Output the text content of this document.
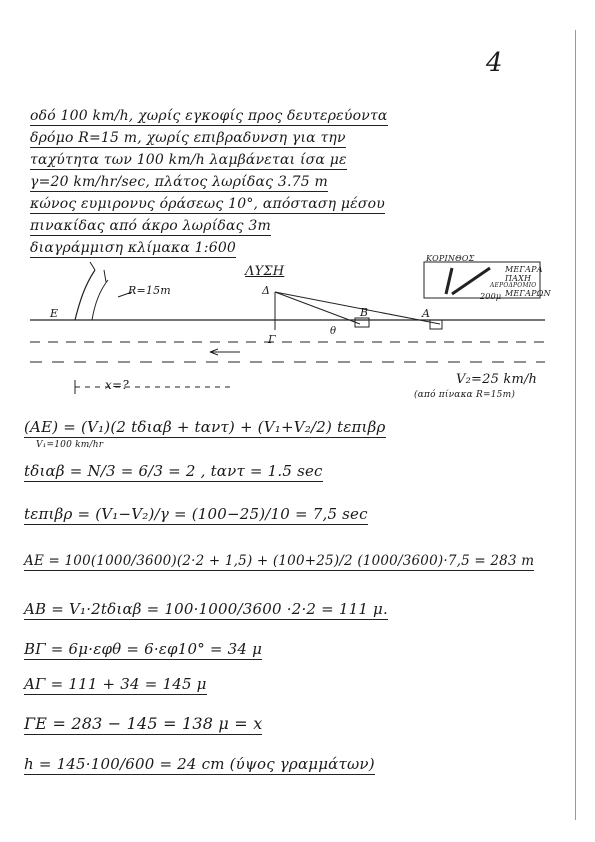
4
οδό 100 km/h, χωρίς εγκοφίς προς δευτερεύοντα
δρόμο R=15 m, χωρίς επιβραδυνση για την
ταχύτητα των 100 km/h λαμβάνεται ίσα με
γ=20 km/hr/sec, πλάτος λωρίδας 3.75 m
κώνος ευμιρονυς όράσεως 10°, απόσταση μέσου
πινακίδας από άκρο λωρίδας 3m
διαγράμμιση κλίμακα 1:600
ΛΥΣΗ
R=15m
Ε
Δ
Γ
Β	Α
θ
x=?
ΚΟΡΙΝΘΟΣ
ΜΕΓΑΡΑ
ΠΑΧΗ
ΑΕΡΟΔΡΟΜΙΟ
ΜΕΓΑΡΩΝ
200μ
V₂=25 km/h
(από πίνακα R=15m)
(ΑΕ) = (V₁)(2 tδιαβ + tαντ) + (V₁+V₂/2) tεπιβρ
V₁=100 km/hr
tδιαβ = N/3 = 6/3 = 2 , tαντ = 1.5 sec
tεπιβρ = (V₁−V₂)/γ = (100−25)/10 = 7,5 sec
ΑΕ = 100(1000/3600)(2·2 + 1,5) + (100+25)/2 (1000/3600)·7,5 = 283 m
ΑΒ = V₁·2tδιαβ = 100·1000/3600 ·2·2 = 111 μ.
ΒΓ = 6μ·εφθ = 6·εφ10° = 34 μ
ΑΓ = 111 + 34 = 145 μ
ΓΕ = 283 − 145 = 138 μ = x
h = 145·100/600 = 24 cm (ύψος γραμμάτων)
